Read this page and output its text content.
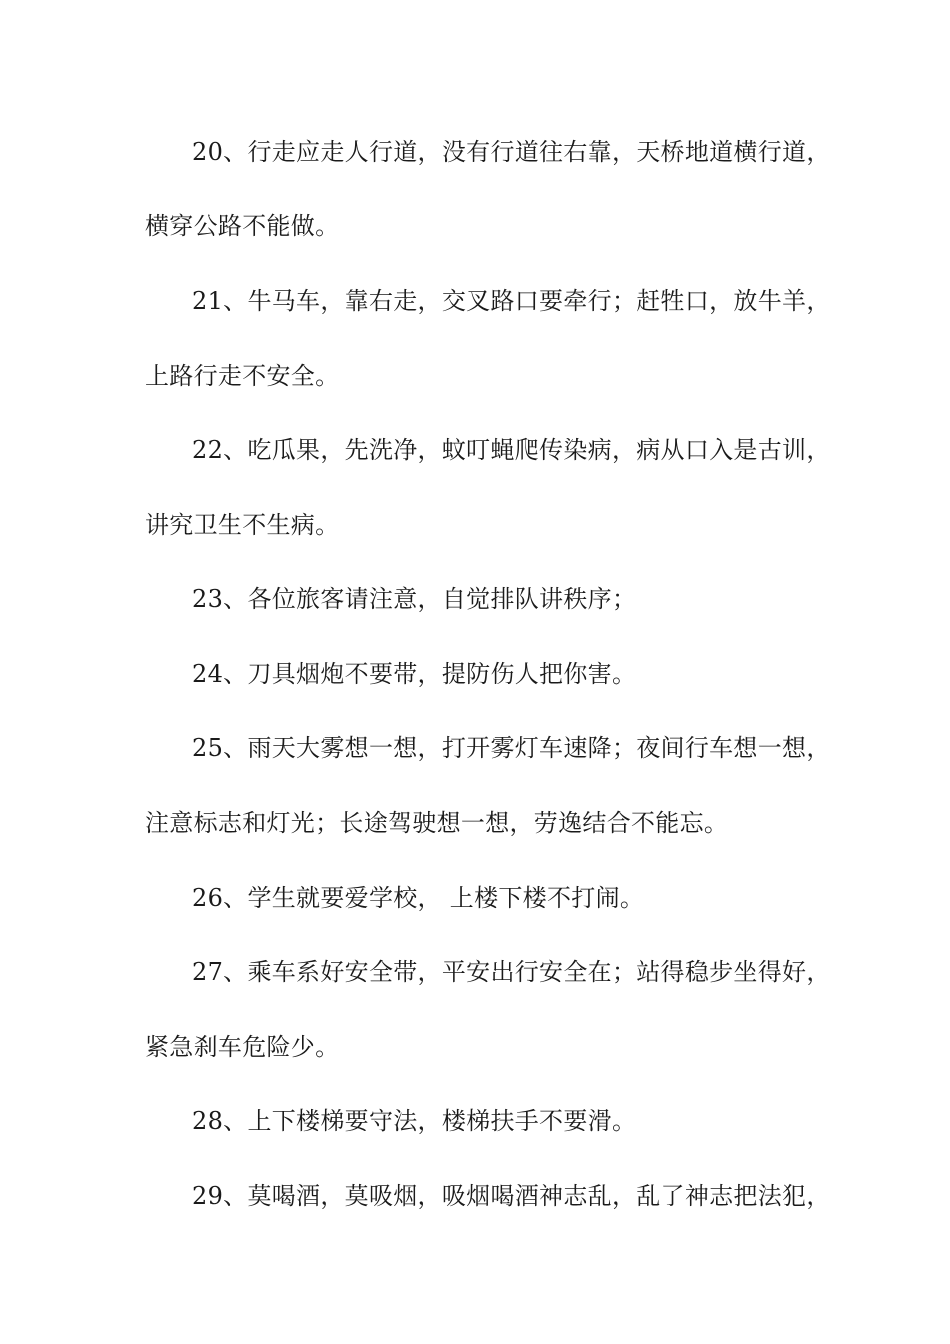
20、行走应走人行道，没有行道往右靠，天桥地道横行道，
横穿公路不能做。
21、牛马车，靠右走，交叉路口要牵行；赶牲口，放牛羊，
上路行走不安全。
22、吃瓜果，先洗净，蚊叮蝇爬传染病，病从口入是古训，
讲究卫生不生病。
23、各位旅客请注意，自觉排队讲秩序；
24、刀具烟炮不要带，提防伤人把你害。
25、雨天大雾想一想，打开雾灯车速降；夜间行车想一想，
注意标志和灯光；长途驾驶想一想，劳逸结合不能忘。
26、学生就要爱学校， 上楼下楼不打闹。
27、乘车系好安全带，平安出行安全在；站得稳步坐得好，
紧急刹车危险少。
28、上下楼梯要守法，楼梯扶手不要滑。
29、莫喝酒，莫吸烟，吸烟喝酒神志乱，乱了神志把法犯，
